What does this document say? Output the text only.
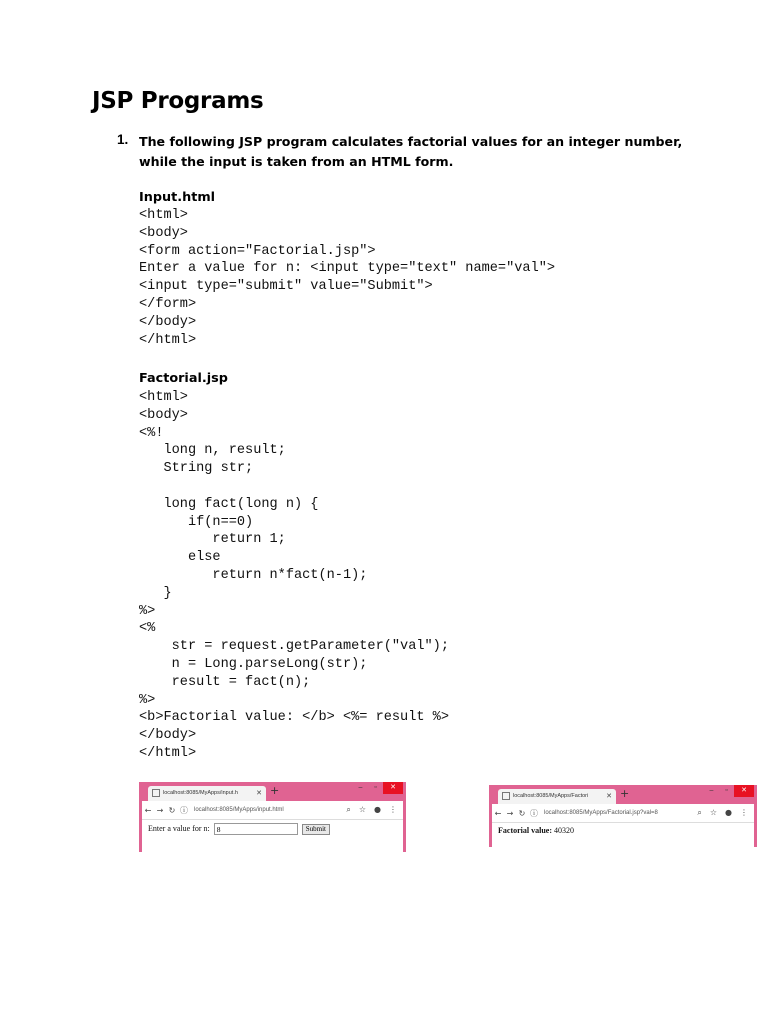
JSP Programs
1. The following JSP program calculates factorial values for an integer number, while the input is taken from an HTML form.
Input.html
<html>
<body>
<form action="Factorial.jsp">
Enter a value for n: <input type="text" name="val">
<input type="submit" value="Submit">
</form>
</body>
</html>
Factorial.jsp
<html>
<body>
<%!
long n, result;
String str;

long fact(long n) {
if(n==0)
return 1;
else
return n*fact(n-1);
}
%>
<%
str = request.getParameter("val");
n = Long.parseLong(str);
result = fact(n);
%>
<b>Factorial value: </b> <%= result %>
</body>
</html>
localhost:8085/MyApps/input.h	✕ +	–	▫	✕
← → ↻ ⓘ	localhost:8085/MyApps/input.html	⌕ ☆ ● ⋮
Enter a value for n: 8	Submit
localhost:8085/MyApps/Factori	✕ +	–	▫	✕
← → ↻ ⓘ	localhost:8085/MyApps/Factorial.jsp?val=8	⌕ ☆ ● ⋮
Factorial value: 40320
